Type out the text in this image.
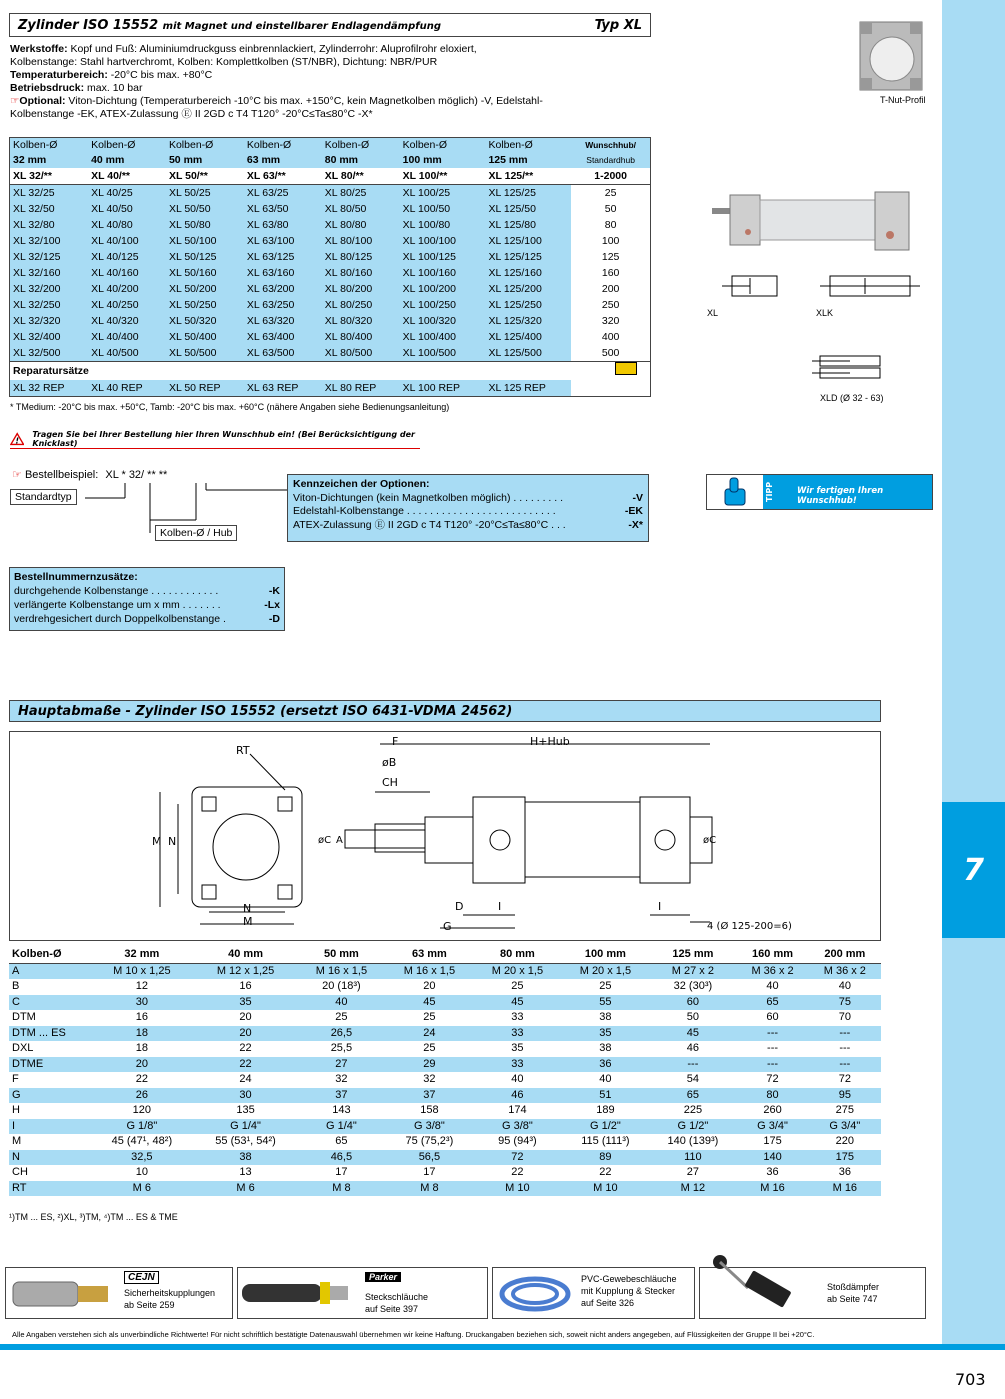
7
703
Zylinder ISO 15552 mit Magnet und einstellbarer Endlagendämpfung	Typ XL
Werkstoffe: Kopf und Fuß: Aluminiumdruckguss einbrennlackiert, Zylinderrohr: Aluprofilrohr eloxiert,
Kolbenstange: Stahl hartverchromt, Kolben: Komplettkolben (ST/NBR), Dichtung: NBR/PUR
Temperaturbereich: -20°C bis max. +80°C
Betriebsdruck: max. 10 bar
☞Optional: Viton-Dichtung (Temperaturbereich -10°C bis max. +150°C, kein Magnetkolben möglich) -V, Edelstahl-
Kolbenstange -EK, ATEX-Zulassung Ⓔ II 2GD c T4 T120° -20°C≤Ta≤80°C -X*
Kolben-Ø	Kolben-Ø	Kolben-Ø	Kolben-Ø	Kolben-Ø	Kolben-Ø	Kolben-Ø	Wunschhub/
32 mm	40 mm	50 mm	63 mm	80 mm	100 mm	125 mm	Standardhub
XL 32/**	XL 40/**	XL 50/**	XL 63/**	XL 80/**	XL 100/**	XL 125/**	1-2000
XL 32/25	XL 40/25	XL 50/25	XL 63/25	XL 80/25	XL 100/25	XL 125/25	25
XL 32/50	XL 40/50	XL 50/50	XL 63/50	XL 80/50	XL 100/50	XL 125/50	50
XL 32/80	XL 40/80	XL 50/80	XL 63/80	XL 80/80	XL 100/80	XL 125/80	80
XL 32/100	XL 40/100	XL 50/100	XL 63/100	XL 80/100	XL 100/100	XL 125/100	100
XL 32/125	XL 40/125	XL 50/125	XL 63/125	XL 80/125	XL 100/125	XL 125/125	125
XL 32/160	XL 40/160	XL 50/160	XL 63/160	XL 80/160	XL 100/160	XL 125/160	160
XL 32/200	XL 40/200	XL 50/200	XL 63/200	XL 80/200	XL 100/200	XL 125/200	200
XL 32/250	XL 40/250	XL 50/250	XL 63/250	XL 80/250	XL 100/250	XL 125/250	250
XL 32/320	XL 40/320	XL 50/320	XL 63/320	XL 80/320	XL 100/320	XL 125/320	320
XL 32/400	XL 40/400	XL 50/400	XL 63/400	XL 80/400	XL 100/400	XL 125/400	400
XL 32/500	XL 40/500	XL 50/500	XL 63/500	XL 80/500	XL 100/500	XL 125/500	500
Reparatursätze							
XL 32 REP	XL 40 REP	XL 50 REP	XL 63 REP	XL 80 REP	XL 100 REP	XL 125 REP	
* TMedium: -20°C bis max. +50°C, Tamb: -20°C bis max. +60°C (nähere Angaben siehe Bedienungsanleitung)
!
Tragen Sie bei Ihrer Bestellung hier Ihren Wunschhub ein! (Bei Berücksichtigung der Knicklast)
☞ Bestellbeispiel: XL * 32/ ** **
Standardtyp
Kolben-Ø / Hub
Kennzeichen der Optionen:
Viton-Dichtungen (kein Magnetkolben möglich) . . . . . . . . .	-V
Edelstahl-Kolbenstange . . . . . . . . . . . . . . . . . . . . . . . . . .	-EK
ATEX-Zulassung Ⓔ II 2GD c T4 T120° -20°C≤Ta≤80°C . . .	-X*
Bestellnummernzusätze:
durchgehende Kolbenstange . . . . . . . . . . . .	-K
verlängerte Kolbenstange um x mm . . . . . . .	-Lx
verdrehgesichert durch Doppelkolbenstange .	-D
T-Nut-Profil
XL	XLK
XLD (Ø 32 - 63)
TIPP	Wir fertigen Ihren Wunschhub!
Hauptabmaße - Zylinder ISO 15552 (ersetzt ISO 6431-VDMA 24562)
RT
M N
N
M
F	H+Hub
øB
CH
øC A	øC
D	I
G
I
4 (Ø 125-200=6)
Kolben-Ø	32 mm	40 mm	50 mm	63 mm	80 mm	100 mm	125 mm	160 mm	200 mm
A	M 10 x 1,25	M 12 x 1,25	M 16 x 1,5	M 16 x 1,5	M 20 x 1,5	M 20 x 1,5	M 27 x 2	M 36 x 2	M 36 x 2
B	12	16	20 (18³)	20	25	25	32 (30³)	40	40
C	30	35	40	45	45	55	60	65	75
DTM	16	20	25	25	33	38	50	60	70
DTM ... ES	18	20	26,5	24	33	35	45	---	---
DXL	18	22	25,5	25	35	38	46	---	---
DTME	20	22	27	29	33	36	---	---	---
F	22	24	32	32	40	40	54	72	72
G	26	30	37	37	46	51	65	80	95
H	120	135	143	158	174	189	225	260	275
I	G 1/8"	G 1/4"	G 1/4"	G 3/8"	G 3/8"	G 1/2"	G 1/2"	G 3/4"	G 3/4"
M	45 (47¹, 48²)	55 (53¹, 54²)	65	75 (75,2³)	95 (94³)	115 (111³)	140 (139³)	175	220
N	32,5	38	46,5	56,5	72	89	110	140	175
CH	10	13	17	17	22	22	27	36	36
RT	M 6	M 6	M 8	M 8	M 10	M 10	M 12	M 16	M 16
¹)TM ... ES, ²)XL, ³)TM, ⁴)TM ... ES & TME
CEJN
Sicherheitskupplungen
ab Seite 259
Parker
Steckschläuche
auf Seite 397
PVC-Gewebeschläuche
mit Kupplung & Stecker
auf Seite 326
Stoßdämpfer
ab Seite 747
Alle Angaben verstehen sich als unverbindliche Richtwerte! Für nicht schriftlich bestätigte Datenauswahl übernehmen wir keine Haftung. Druckangaben beziehen sich, soweit nicht anders angegeben, auf Flüssigkeiten der Gruppe II bei +20°C.
